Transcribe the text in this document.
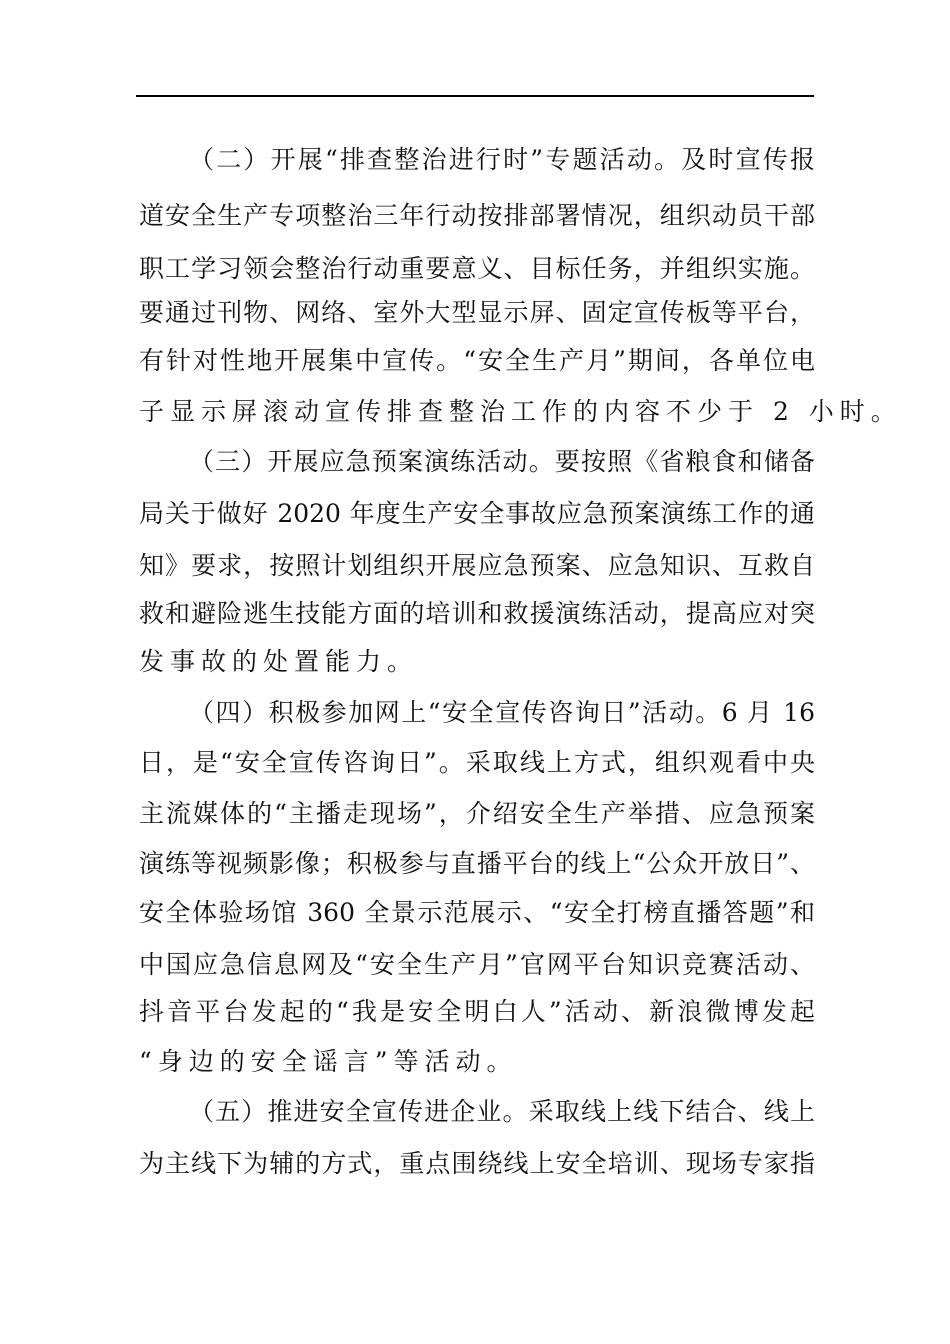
（二）开展“排查整治进行时”专题活动。及时宣传报
道安全生产专项整治三年行动按排部署情况，组织动员干部
职工学习领会整治行动重要意义、目标任务，并组织实施。
要通过刊物、网络、室外大型显示屏、固定宣传板等平台，
有针对性地开展集中宣传。“安全生产月”期间，各单位电
子显示屏滚动宣传排查整治工作的内容不少于 2 小时。
（三）开展应急预案演练活动。要按照《省粮食和储备
局关于做好 2020 年度生产安全事故应急预案演练工作的通
知》要求，按照计划组织开展应急预案、应急知识、互救自
救和避险逃生技能方面的培训和救援演练活动，提高应对突
发事故的处置能力。
（四）积极参加网上“安全宣传咨询日”活动。6 月 16
日，是“安全宣传咨询日”。采取线上方式，组织观看中央
主流媒体的“主播走现场”，介绍安全生产举措、应急预案
演练等视频影像；积极参与直播平台的线上“公众开放日”、
安全体验场馆 360 全景示范展示、“安全打榜直播答题”和
中国应急信息网及“安全生产月”官网平台知识竞赛活动、
抖音平台发起的“我是安全明白人”活动、新浪微博发起
“身边的安全谣言”等活动。
（五）推进安全宣传进企业。采取线上线下结合、线上
为主线下为辅的方式，重点围绕线上安全培训、现场专家指
